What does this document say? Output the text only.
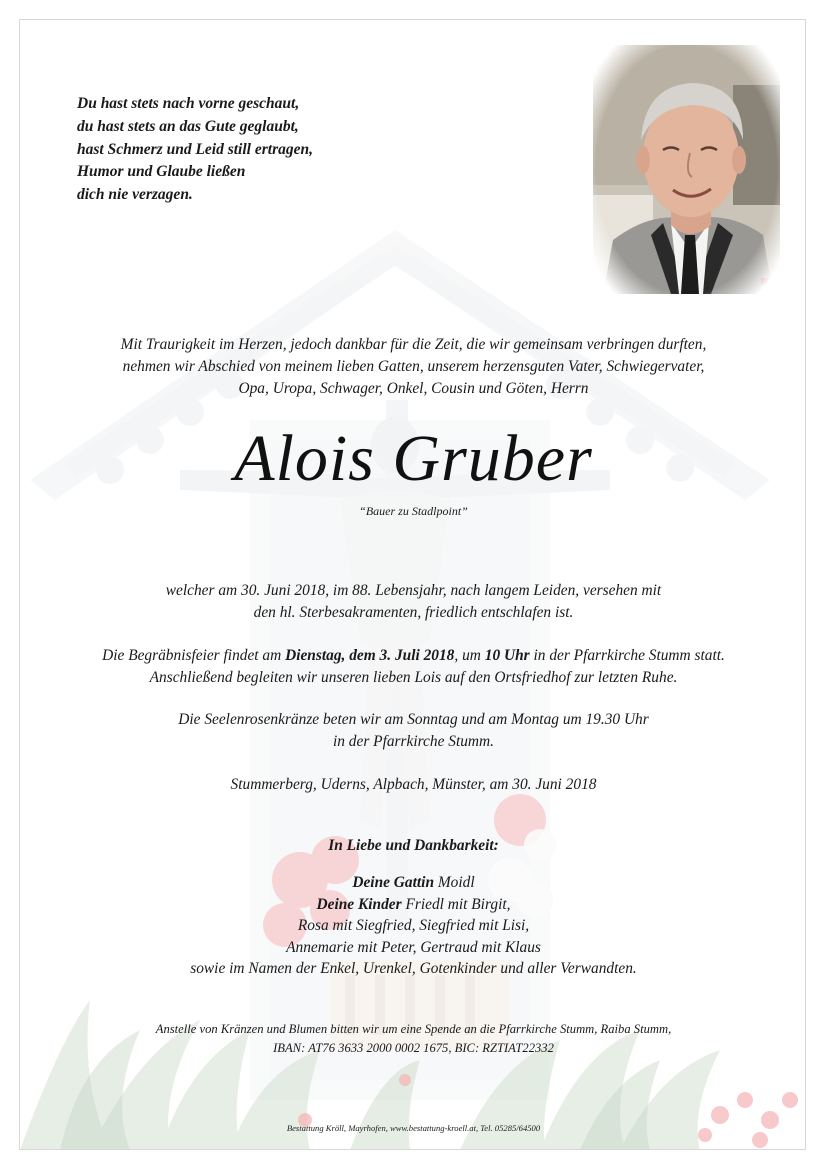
Du hast stets nach vorne geschaut,
du hast stets an das Gute geglaubt,
hast Schmerz und Leid still ertragen,
Humor und Glaube ließen
dich nie verzagen.
Mit Traurigkeit im Herzen, jedoch dankbar für die Zeit, die wir gemeinsam verbringen durften,
nehmen wir Abschied von meinem lieben Gatten, unserem herzensguten Vater, Schwiegervater,
Opa, Uropa, Schwager, Onkel, Cousin und Göten, Herrn
Alois Gruber
“Bauer zu Stadlpoint”
welcher am 30. Juni 2018, im 88. Lebensjahr, nach langem Leiden, versehen mit
den hl. Sterbesakramenten, friedlich entschlafen ist.
Die Begräbnisfeier findet am Dienstag, dem 3. Juli 2018, um 10 Uhr in der Pfarrkirche Stumm statt.
Anschließend begleiten wir unseren lieben Lois auf den Ortsfriedhof zur letzten Ruhe.
Die Seelenrosenkränze beten wir am Sonntag und am Montag um 19.30 Uhr
in der Pfarrkirche Stumm.
Stummerberg, Uderns, Alpbach, Münster, am 30. Juni 2018
In Liebe und Dankbarkeit:
Deine Gattin Moidl
Deine Kinder Friedl mit Birgit,
Rosa mit Siegfried, Siegfried mit Lisi,
Annemarie mit Peter, Gertraud mit Klaus
sowie im Namen der Enkel, Urenkel, Gotenkinder und aller Verwandten.
Anstelle von Kränzen und Blumen bitten wir um eine Spende an die Pfarrkirche Stumm, Raiba Stumm,
IBAN: AT76 3633 2000 0002 1675, BIC: RZTIAT22332
Bestattung Kröll, Mayrhofen, www.bestattung-kroell.at, Tel. 05285/64500
